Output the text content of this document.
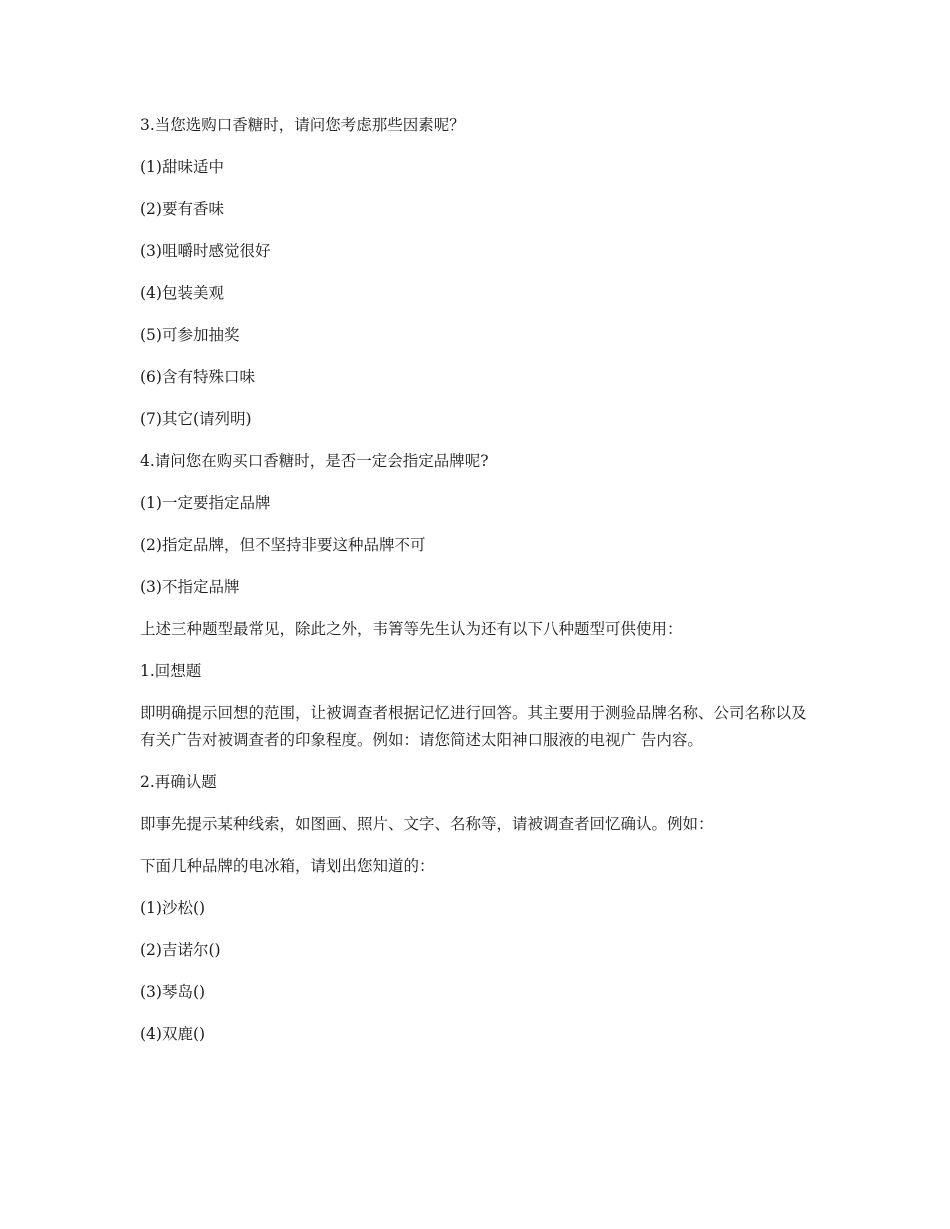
3.当您选购口香糖时，请问您考虑那些因素呢？

(1)甜味适中

(2)要有香味

(3)咀嚼时感觉很好

(4)包装美观

(5)可参加抽奖

(6)含有特殊口味

(7)其它(请列明)

4.请问您在购买口香糖时，是否一定会指定品牌呢?

(1)一定要指定品牌

(2)指定品牌，但不坚持非要这种品牌不可

(3)不指定品牌

上述三种题型最常见，除此之外，韦箐等先生认为还有以下八种题型可供使用：

1.回想题

即明确提示回想的范围，让被调查者根据记忆进行回答。其主要用于测验品牌名称、公司名称以及有关广告对被调查者的印象程度。例如：请您简述太阳神口服液的电视广 告内容。

2.再确认题

即事先提示某种线索，如图画、照片、文字、名称等，请被调查者回忆确认。例如：

下面几种品牌的电冰箱，请划出您知道的：

(1)沙松()

(2)吉诺尔()

(3)琴岛()

(4)双鹿()
